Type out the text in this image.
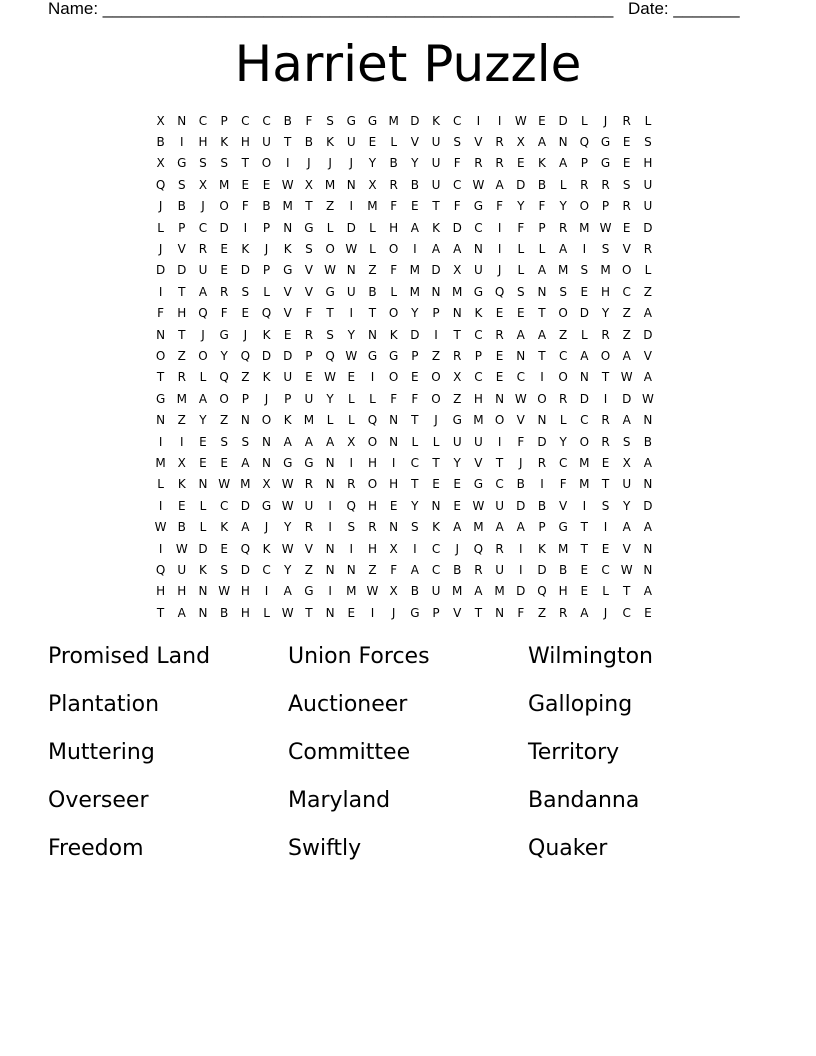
Name: ______________________________________________________ Date: _______
Harriet Puzzle
X	N	C	P	C	C	B	F	S	G G M D	K	C	I	I	W E	D	L	J	R	L
B	I	H	K	H	U	T	B	K	U	E	L	V	U	S	V	R	X	A	N Q G	E	S
X	G	S	S	T	O	I	J	J	J	Y	B	Y	U	F	R	R	E	K	A	P	G	E	H
Q	S	X M	E	E W X M N	X	R	B	U	C W A	D	B	L	R	R	S	U
J	B	J	O	F	B M	T	Z	I	M	F	E	T	F	G	F	Y	F	Y	O	P	R	U
L	P	C	D	I	P	N	G	L	D	L	H	A	K	D	C	I	F	P	R M W E	D
J	V	R	E	K	J	K	S	O W L	O	I	A	A	N	I	L	L	A	I	S	V	R
D D	U	E	D	P	G	V W N	Z	F	M D	X	U	J	L	A M	S	M O	L
I	T	A	R	S	L	V	V	G	U	B	L	M N M G Q	S	N	S	E	H	C	Z
F	H Q	F	E	Q	V	F	T	I	T	O	Y	P	N	K	E	E	T	O D	Y	Z	A
N	T	J	G	J	K	E	R	S	Y	N	K	D	I	T	C	R	A	A	Z	L	R	Z	D
O	Z	O	Y	Q D D	P	Q W G G	P	Z	R	P	E	N	T	C	A	O	A	V
T	R	L	Q	Z	K	U	E W E	I	O	E	O	X	C	E	C	I	O N	T W A
G M A	O	P	J	P	U	Y	L	L	F	F	O	Z	H	N W O	R	D	I	D W
N	Z	Y	Z	N O	K	M	L	L	Q N	T	J	G M O	V	N	L	C	R	A	N
I	I	E	S	S	N	A	A	A	X	O N	L	L	U	U	I	F	D	Y	O	R	S	B
M X	E	E	A	N	G G	N	I	H	I	C	T	Y	V	T	J	R	C M	E	X	A
L	K	N W M X W R	N	R	O H	T	E	E	G	C	B	I	F	M	T	U	N
I	E	L	C	D G W U	I	Q H	E	Y	N	E W U	D	B	V	I	S	Y	D
W B	L	K	A	J	Y	R	I	S	R	N	S	K	A M A	A	P	G	T	I	A	A
I	W D	E	Q	K W V	N	I	H	X	I	C	J	Q	R	I	K	M	T	E	V	N
Q	U	K	S	D	C	Y	Z	N	N	Z	F	A	C	B	R	U	I	D	B	E	C W N
H	H	N W H	I	A	G	I	M W X	B	U M A M D Q H	E	L	T	A
T	A	N	B	H	L W T	N	E	I	J	G	P	V	T	N	F	Z	R	A	J	C	E
Promised Land	Union Forces	Wilmington
Plantation	Auctioneer	Galloping
Muttering	Committee	Territory
Overseer	Maryland	Bandanna
Freedom	Swiftly	Quaker
